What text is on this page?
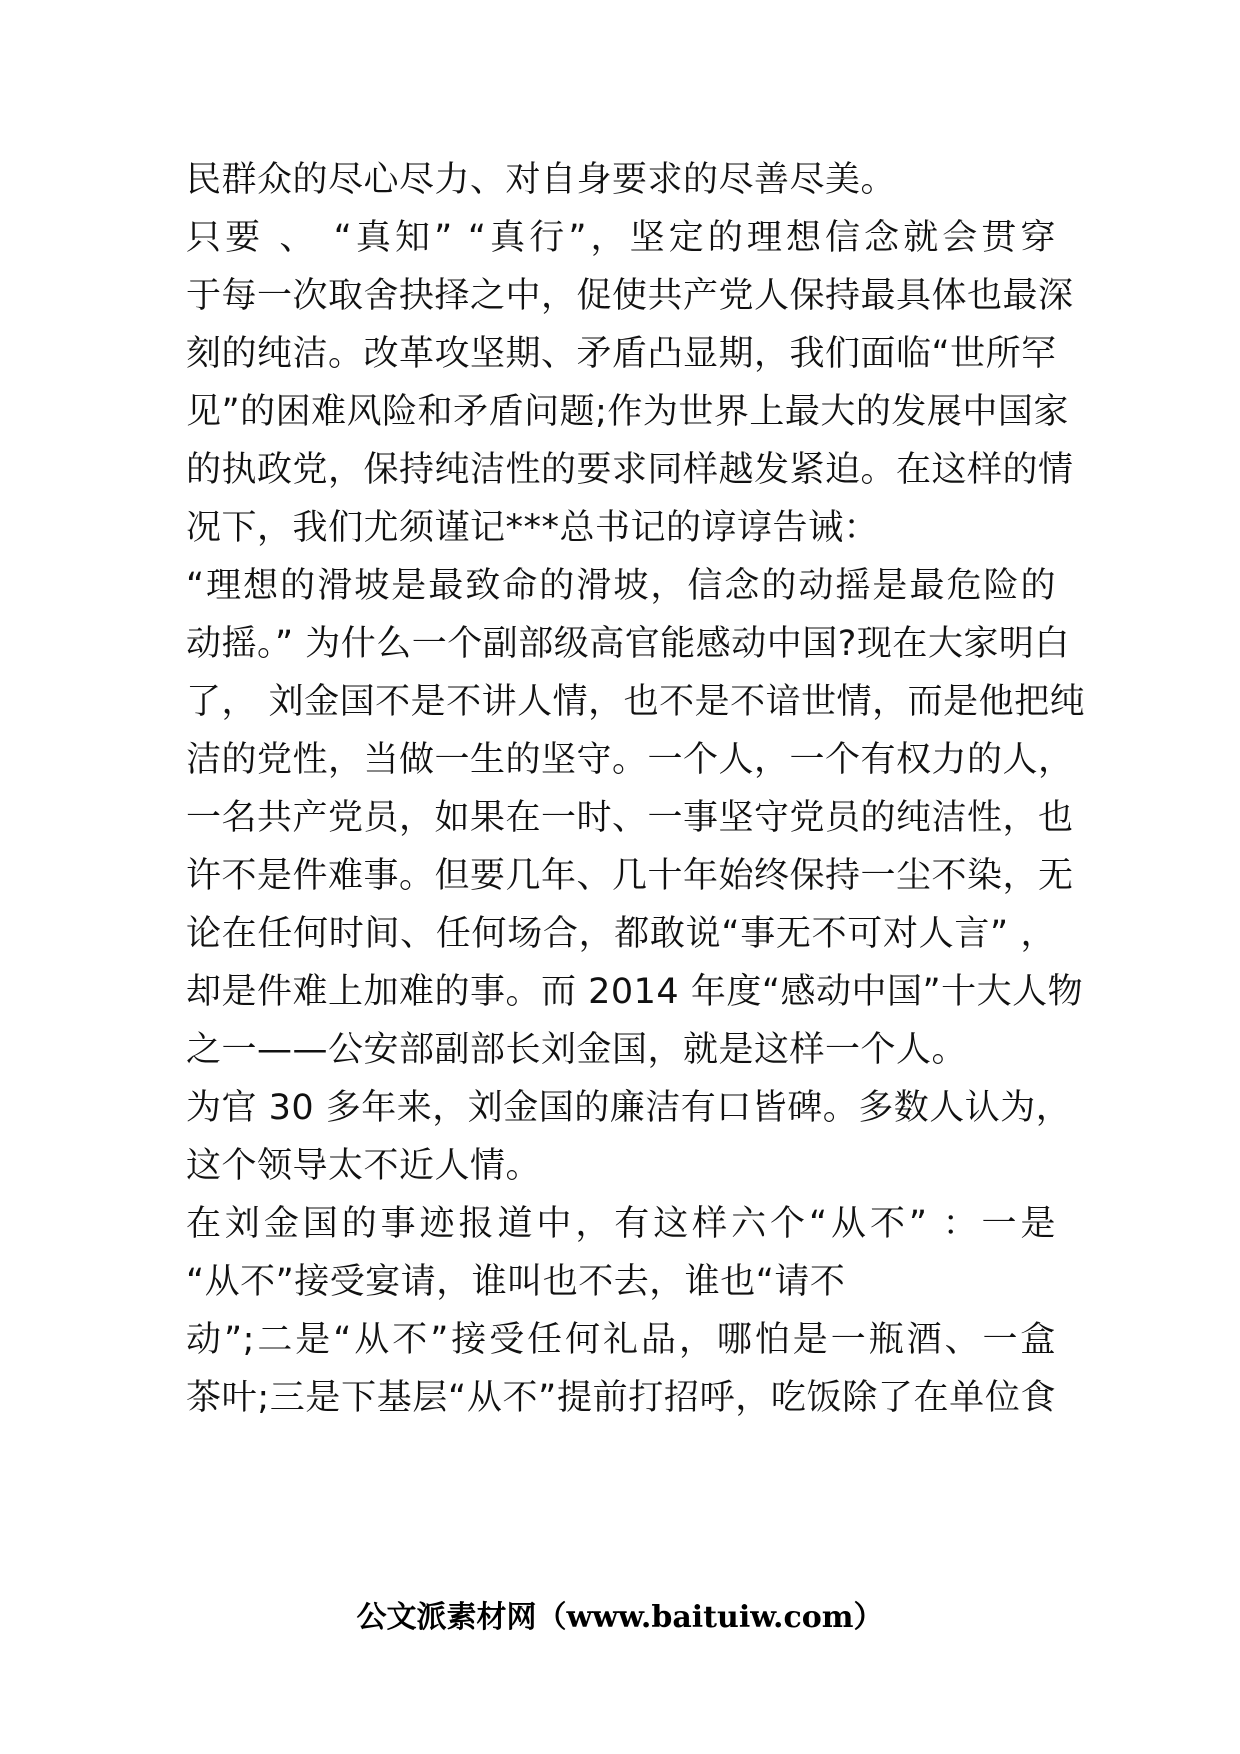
民群众的尽心尽力、对自身要求的尽善尽美。
只要 、 “真知” “真行”，坚定的理想信念就会贯穿
于每一次取舍抉择之中，促使共产党人保持最具体也最深
刻的纯洁。改革攻坚期、矛盾凸显期，我们面临“世所罕
见”的困难风险和矛盾问题;作为世界上最大的发展中国家
的执政党，保持纯洁性的要求同样越发紧迫。在这样的情
况下，我们尤须谨记***总书记的谆谆告诫：
“理想的滑坡是最致命的滑坡，信念的动摇是最危险的
动摇。” 为什么一个副部级高官能感动中国?现在大家明白
了， 刘金国不是不讲人情，也不是不谙世情，而是他把纯
洁的党性，当做一生的坚守。一个人，一个有权力的人，
一名共产党员，如果在一时、一事坚守党员的纯洁性，也
许不是件难事。但要几年、几十年始终保持一尘不染，无
论在任何时间、任何场合，都敢说“事无不可对人言” ，
却是件难上加难的事。而 2014 年度“感动中国”十大人物
之一——公安部副部长刘金国，就是这样一个人。
为官 30 多年来，刘金国的廉洁有口皆碑。多数人认为，
这个领导太不近人情。
在刘金国的事迹报道中，有这样六个“从不” ：一是
“从不”接受宴请，谁叫也不去，谁也“请不
动”;二是“从不”接受任何礼品，哪怕是一瓶酒、一盒
茶叶;三是下基层“从不”提前打招呼，吃饭除了在单位食
公文派素材网（www.baituiw.com）
